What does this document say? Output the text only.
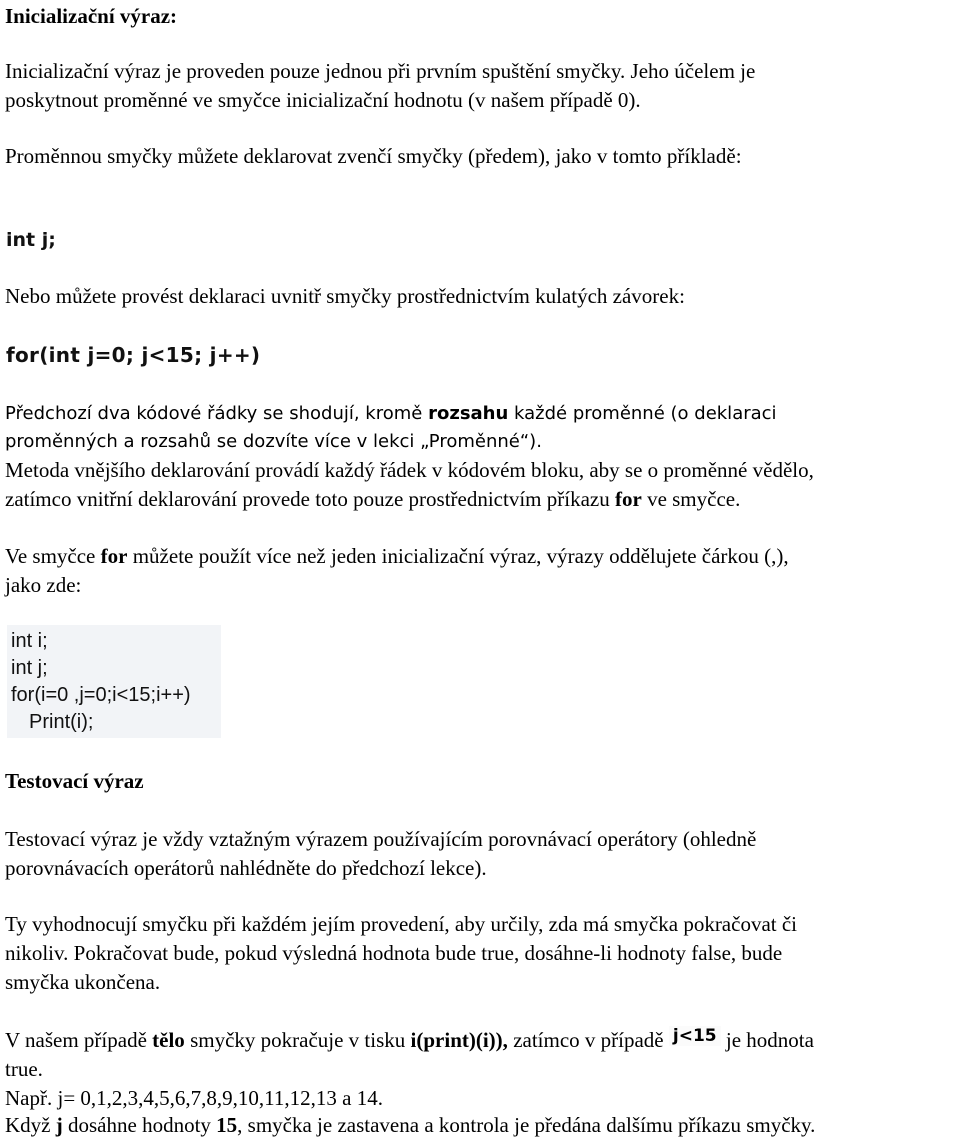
Inicializační výraz:
Inicializační výraz je proveden pouze jednou při prvním spuštění smyčky. Jeho účelem je
poskytnout proměnné ve smyčce inicializační hodnotu (v našem případě 0).
Proměnnou smyčky můžete deklarovat zvenčí smyčky (předem), jako v tomto příkladě:
int j;
Nebo můžete provést deklaraci uvnitř smyčky prostřednictvím kulatých závorek:
for(int j=0; j<15; j++)
Předchozí dva kódové řádky se shodují, kromě rozsahu každé proměnné (o deklaraci
proměnných a rozsahů se dozvíte více v lekci „Proměnné“).
Metoda vnějšího deklarování provádí každý řádek v kódovém bloku, aby se o proměnné vědělo,
zatímco vnitřní deklarování provede toto pouze prostřednictvím příkazu for ve smyčce.
Ve smyčce for můžete použít více než jeden inicializační výraz, výrazy oddělujete čárkou (,),
jako zde:
int i;
int j;
for(i=0 ,j=0;i<15;i++)
Print(i);
Testovací výraz
Testovací výraz je vždy vztažným výrazem používajícím porovnávací operátory (ohledně
porovnávacích operátorů nahlédněte do předchozí lekce).
Ty vyhodnocují smyčku při každém jejím provedení, aby určily, zda má smyčka pokračovat či
nikoliv. Pokračovat bude, pokud výsledná hodnota bude true, dosáhne-li hodnoty false, bude
smyčka ukončena.
V našem případě tělo smyčky pokračuje v tisku i(print)(i)), zatímco v případě j<15 je hodnota
true.
Např. j= 0,1,2,3,4,5,6,7,8,9,10,11,12,13 a 14.
Když j dosáhne hodnoty 15, smyčka je zastavena a kontrola je předána dalšímu příkazu smyčky.
